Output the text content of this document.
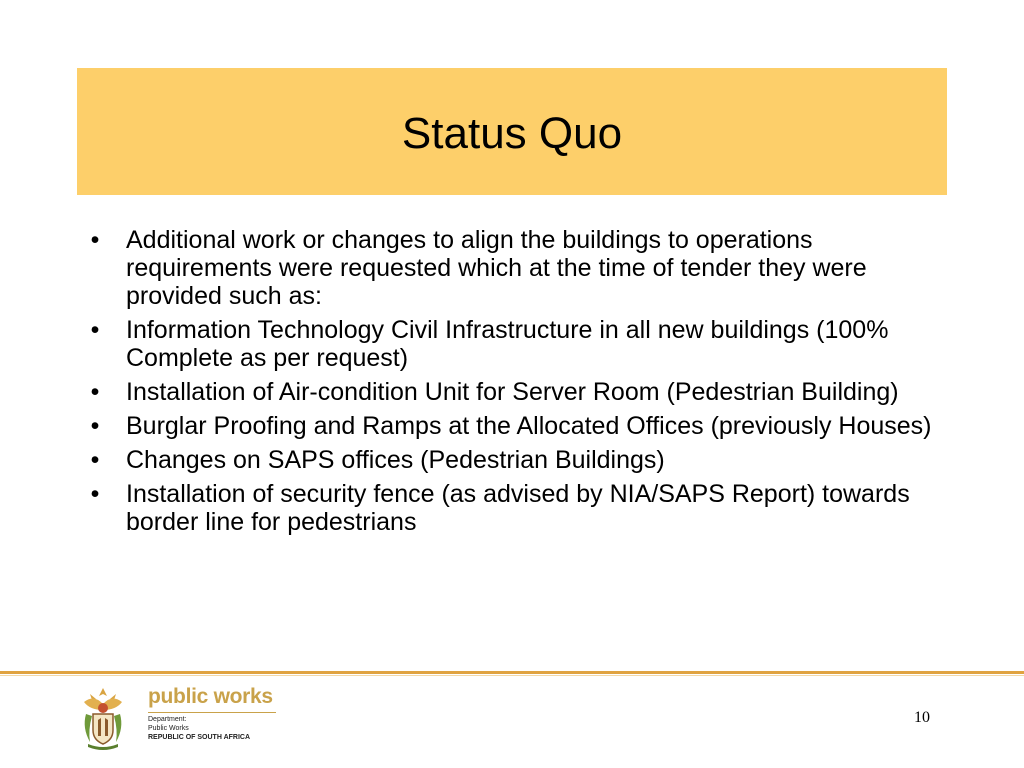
Status Quo
• Additional work or changes to align the buildings to operations requirements were requested which at the time of tender they were provided such as:
• Information Technology Civil Infrastructure in all new buildings (100% Complete as per request)
• Installation of Air-condition Unit for Server Room (Pedestrian Building)
• Burglar Proofing and Ramps at the Allocated Offices (previously Houses)
• Changes on SAPS offices (Pedestrian Buildings)
• Installation of security fence (as advised by NIA/SAPS Report) towards border line for pedestrians
public works
Department:
Public Works
REPUBLIC OF SOUTH AFRICA
10
